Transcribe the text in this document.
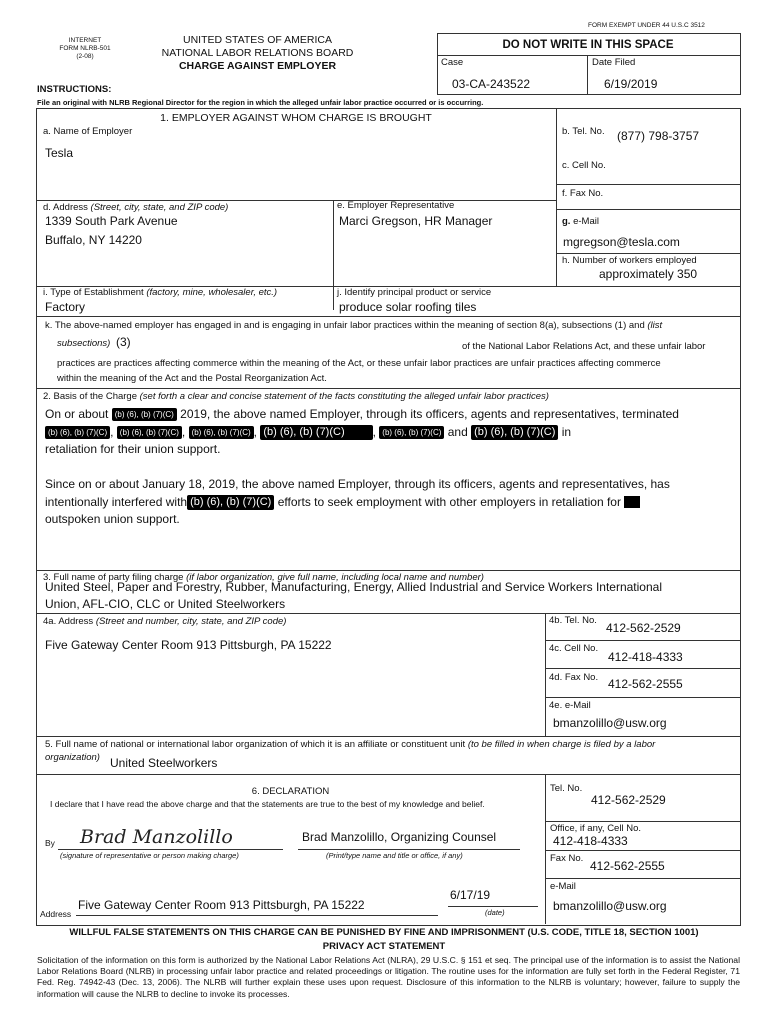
FORM EXEMPT UNDER 44 U.S.C 3512
INTERNET
FORM NLRB-501
(2-08)
UNITED STATES OF AMERICA
NATIONAL LABOR RELATIONS BOARD
CHARGE AGAINST EMPLOYER
DO NOT WRITE IN THIS SPACE
Case
03-CA-243522
Date Filed
6/19/2019
INSTRUCTIONS:
File an original with NLRB Regional Director for the region in which the alleged unfair labor practice occurred or is occurring.
1. EMPLOYER AGAINST WHOM CHARGE IS BROUGHT
a. Name of Employer
Tesla
b. Tel. No. (877) 798-3757
c. Cell No.
f. Fax No.
d. Address (Street, city, state, and ZIP code)
1339 South Park Avenue
Buffalo, NY 14220
e. Employer Representative
Marci Gregson, HR Manager	g. e-Mail
mgregson@tesla.com
h. Number of workers employed
approximately 350
i. Type of Establishment (factory, mine, wholesaler, etc.)
Factory
j. Identify principal product or service
produce solar roofing tiles
k. The above-named employer has engaged in and is engaging in unfair labor practices within the meaning of section 8(a), subsections (1) and (list
subsections) (3)	of the National Labor Relations Act, and these unfair labor
practices are practices affecting commerce within the meaning of the Act, or these unfair labor practices are unfair practices affecting commerce
within the meaning of the Act and the Postal Reorganization Act.
2. Basis of the Charge (set forth a clear and concise statement of the facts constituting the alleged unfair labor practices)
On or about (b) (6), (b) (7)(C) 2019, the above named Employer, through its officers, agents and representatives, terminated
(b) (6), (b) (7)(C) , (b) (6), (b) (7)(C) , (b) (6), (b) (7)(C) , (b) (6), (b) (7)(C) , (b) (6), (b) (7)(C) and (b) (6), (b) (7)(C) in
retaliation for their union support.
Since on or about January 18, 2019, the above named Employer, through its officers, agents and representatives, has
intentionally interfered with (b) (6), (b) (7)(C) efforts to seek employment with other employers in retaliation for
outspoken union support.
3. Full name of party filing charge (if labor organization, give full name, including local name and number)
United Steel, Paper and Forestry, Rubber, Manufacturing, Energy, Allied Industrial and Service Workers International
Union, AFL-CIO, CLC or United Steelworkers
4a. Address (Street and number, city, state, and ZIP code)
Five Gateway Center Room 913 Pittsburgh, PA 15222
4b. Tel. No.
412-562-2529
4c. Cell No.
412-418-4333
4d. Fax No. 412-562-2555
4e. e-Mail
bmanzolillo@usw.org
5. Full name of national or international labor organization of which it is an affiliate or constituent unit (to be filled in when charge is filed by a labor
organization) United Steelworkers
6. DECLARATION
I declare that I have read the above charge and that the statements are true to the best of my knowledge and belief.
Tel. No.
412-562-2529
Office, if any, Cell No.
412-418-4333
Fax No.
412-562-2555
e-Mail
bmanzolillo@usw.org
By Brad Manzolillo
(signature of representative or person making charge)
Brad Manzolillo, Organizing Counsel
(Print/type name and title or office, if any)
Address
Five Gateway Center Room 913 Pittsburgh, PA 15222
6/17/19
(date)
WILLFUL FALSE STATEMENTS ON THIS CHARGE CAN BE PUNISHED BY FINE AND IMPRISONMENT (U.S. CODE, TITLE 18, SECTION 1001)
PRIVACY ACT STATEMENT
Solicitation of the information on this form is authorized by the National Labor Relations Act (NLRA), 29 U.S.C. § 151 et seq. The principal use of the information is to assist the National Labor Relations Board (NLRB) in processing unfair labor practice and related proceedings or litigation. The routine uses for the information are fully set forth in the Federal Register, 71 Fed. Reg. 74942-43 (Dec. 13, 2006). The NLRB will further explain these uses upon request. Disclosure of this information to the NLRB is voluntary; however, failure to supply the information will cause the NLRB to decline to invoke its processes.
